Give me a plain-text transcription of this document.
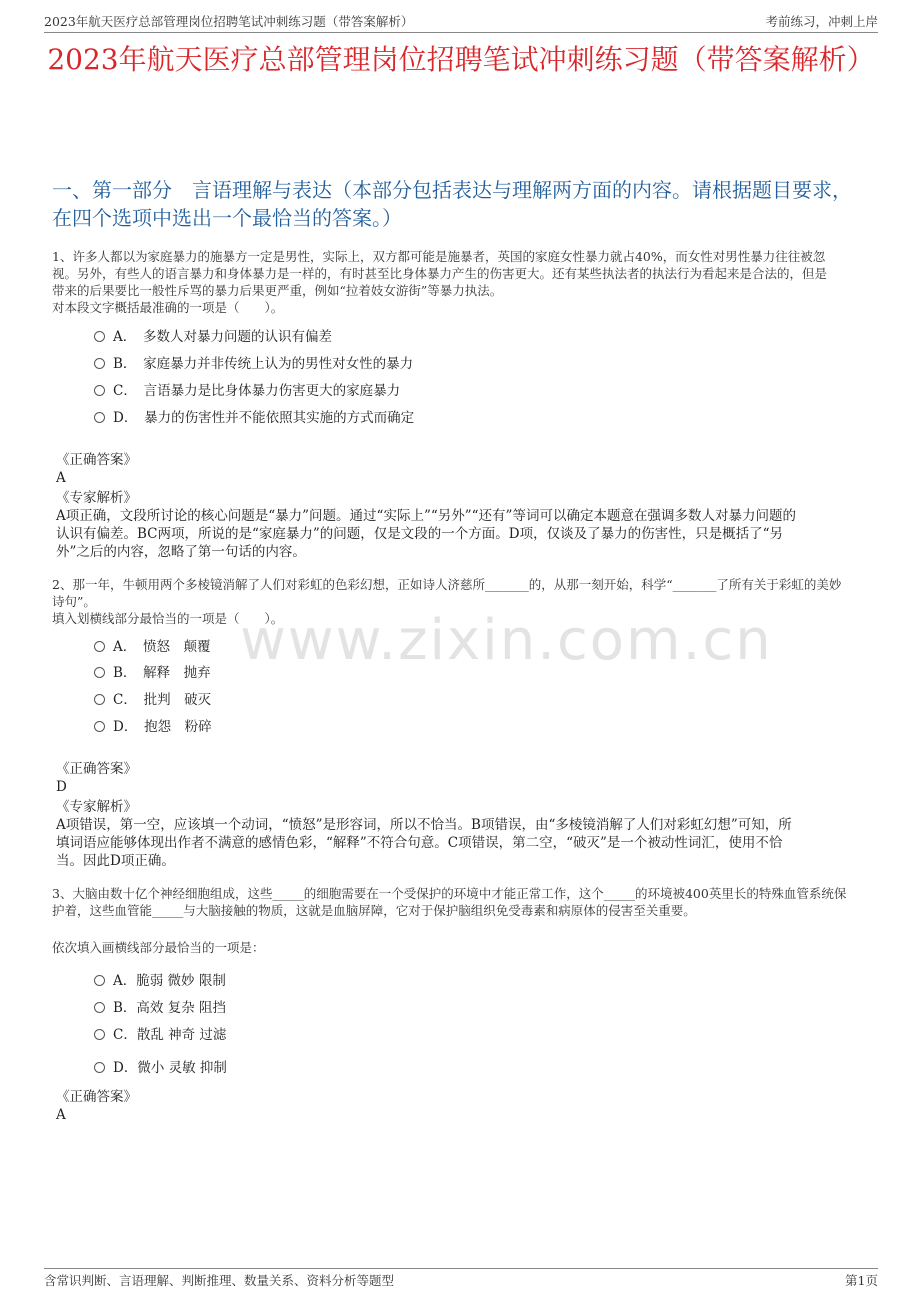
2023年航天医疗总部管理岗位招聘笔试冲刺练习题（带答案解析）	考前练习，冲刺上岸
2023年航天医疗总部管理岗位招聘笔试冲刺练习题（带答案解析）
一、第一部分　言语理解与表达（本部分包括表达与理解两方面的内容。请根据题目要求，在四个选项中选出一个最恰当的答案。）
www.zixin.com.cn
1、许多人都以为家庭暴力的施暴方一定是男性，实际上，双方都可能是施暴者，英国的家庭女性暴力就占40%，而女性对男性暴力往往被忽
视。另外，有些人的语言暴力和身体暴力是一样的，有时甚至比身体暴力产生的伤害更大。还有某些执法者的执法行为看起来是合法的，但是
带来的后果要比一般性斥骂的暴力后果更严重，例如“拉着妓女游街”等暴力执法。
对本段文字概括最准确的一项是（　　）。
A．　多数人对暴力问题的认识有偏差
B．　家庭暴力并非传统上认为的男性对女性的暴力
C．　言语暴力是比身体暴力伤害更大的家庭暴力
D．　暴力的伤害性并不能依照其实施的方式而确定
《正确答案》
A
《专家解析》
A项正确，文段所讨论的核心问题是“暴力”问题。通过“实际上”“另外”“还有”等词可以确定本题意在强调多数人对暴力问题的
认识有偏差。BC两项，所说的是“家庭暴力”的问题，仅是文段的一个方面。D项，仅谈及了暴力的伤害性，只是概括了“另
外”之后的内容，忽略了第一句话的内容。
2、那一年，牛顿用两个多棱镜消解了人们对彩虹的色彩幻想，正如诗人济慈所_______的，从那一刻开始，科学“_______了所有关于彩虹的美妙
诗句”。
填入划横线部分最恰当的一项是（　　）。
A．　愤怒　颠覆
B．　解释　抛弃
C．　批判　破灭
D．　抱怨　粉碎
《正确答案》
D
《专家解析》
A项错误，第一空，应该填一个动词，“愤怒”是形容词，所以不恰当。B项错误，由“多棱镜消解了人们对彩虹幻想”可知，所
填词语应能够体现出作者不满意的感情色彩，“解释”不符合句意。C项错误，第二空，“破灭”是一个被动性词汇，使用不恰
当。因此D项正确。
3、大脑由数十亿个神经细胞组成，这些_____的细胞需要在一个受保护的环境中才能正常工作，这个_____的环境被400英里长的特殊血管系统保
护着，这些血管能_____与大脑接触的物质，这就是血脑屏障，它对于保护脑组织免受毒素和病原体的侵害至关重要。
依次填入画横线部分最恰当的一项是：
A．脆弱 微妙 限制
B．高效 复杂 阻挡
C．散乱 神奇 过滤
D．微小 灵敏 抑制
《正确答案》
A
含常识判断、言语理解、判断推理、数量关系、资料分析等题型	第1页
